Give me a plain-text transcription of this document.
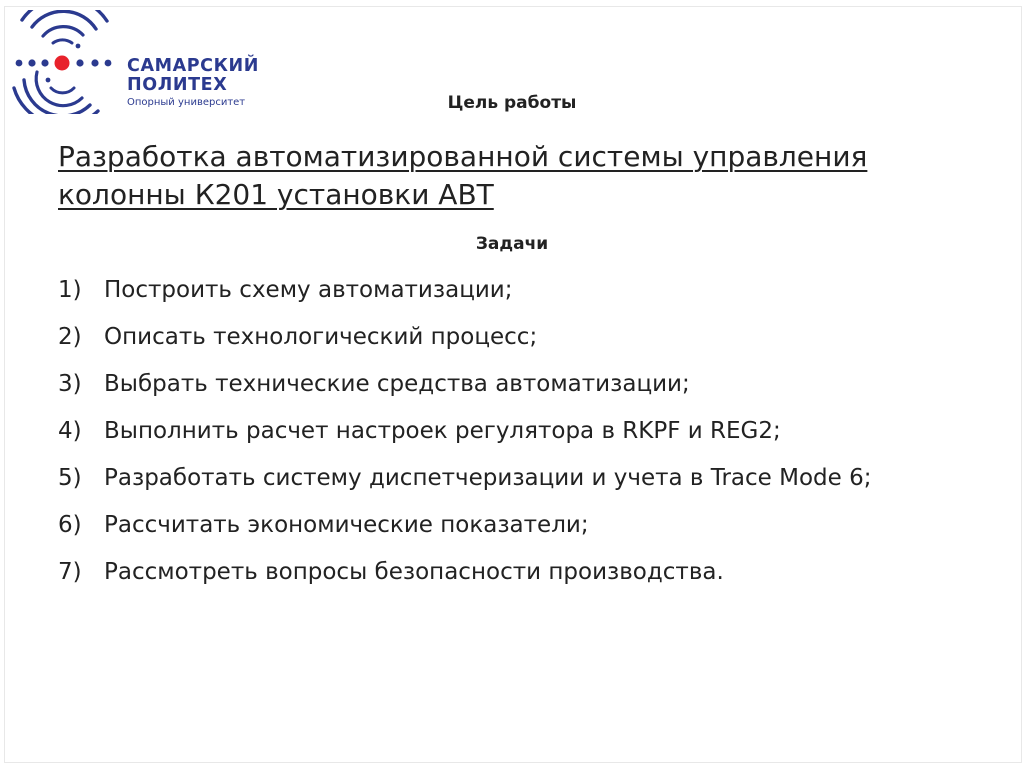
САМАРСКИЙ
ПОЛИТЕХ
Опорный университет	Цель работы
Разработка автоматизированной системы управления колонны К201 установки АВТ
Задачи
1) Построить схему автоматизации;
2) Описать технологический процесс;
3) Выбрать технические средства автоматизации;
4) Выполнить расчет настроек регулятора в RKPF и REG2;
5) Разработать систему диспетчеризации и учета в Trace Mode 6;
6) Рассчитать экономические показатели;
7) Рассмотреть вопросы безопасности производства.
